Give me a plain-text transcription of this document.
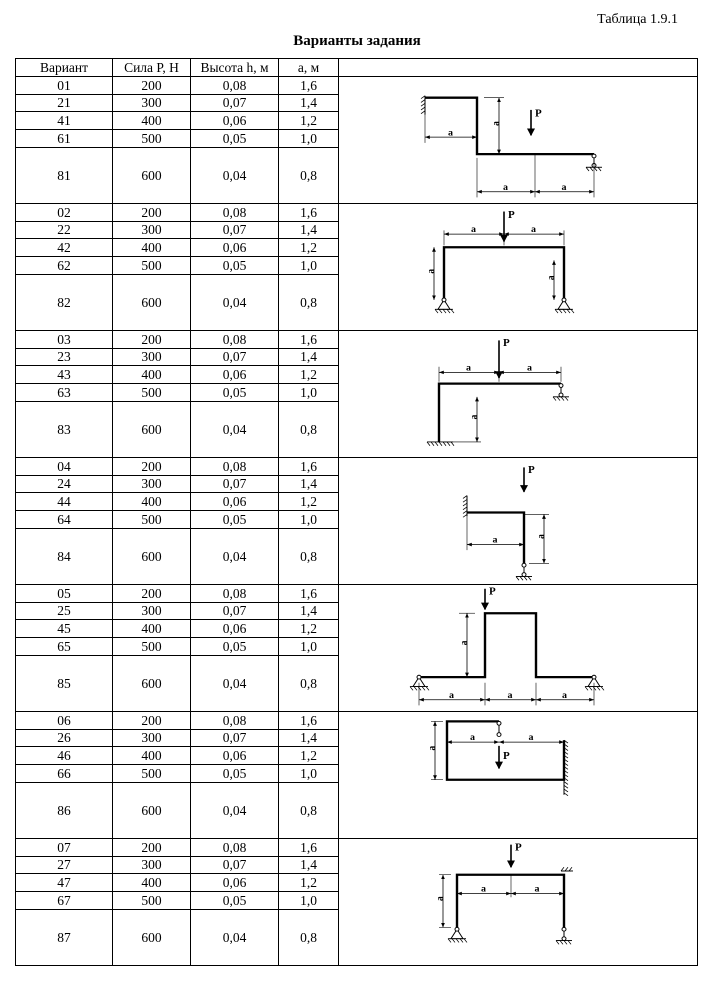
Таблица 1.9.1
Варианты задания
Вариант	Сила P, Н	Высота h, м	a, м	
01	200	0,08	1,6	P
a
a
a a

21	300	0,07	1,4	
41	400	0,06	1,2	
61	500	0,05	1,0	
81	600	0,04	0,8	
02	200	0,08	1,6	P
a a
a
a

22	300	0,07	1,4	
42	400	0,06	1,2	
62	500	0,05	1,0	
82	600	0,04	0,8	
03	200	0,08	1,6	P
a a
a

23	300	0,07	1,4	
43	400	0,06	1,2	
63	500	0,05	1,0	
83	600	0,04	0,8	
04	200	0,08	1,6	P
a
a

24	300	0,07	1,4	
44	400	0,06	1,2	
64	500	0,05	1,0	
84	600	0,04	0,8	
05	200	0,08	1,6	P
a
a a a

25	300	0,07	1,4	
45	400	0,06	1,2	
65	500	0,05	1,0	
85	600	0,04	0,8	
06	200	0,08	1,6	P
a
a a

26	300	0,07	1,4	
46	400	0,06	1,2	
66	500	0,05	1,0	
86	600	0,04	0,8	
07	200	0,08	1,6	P
a
a a

27	300	0,07	1,4	
47	400	0,06	1,2	
67	500	0,05	1,0	
87	600	0,04	0,8	
